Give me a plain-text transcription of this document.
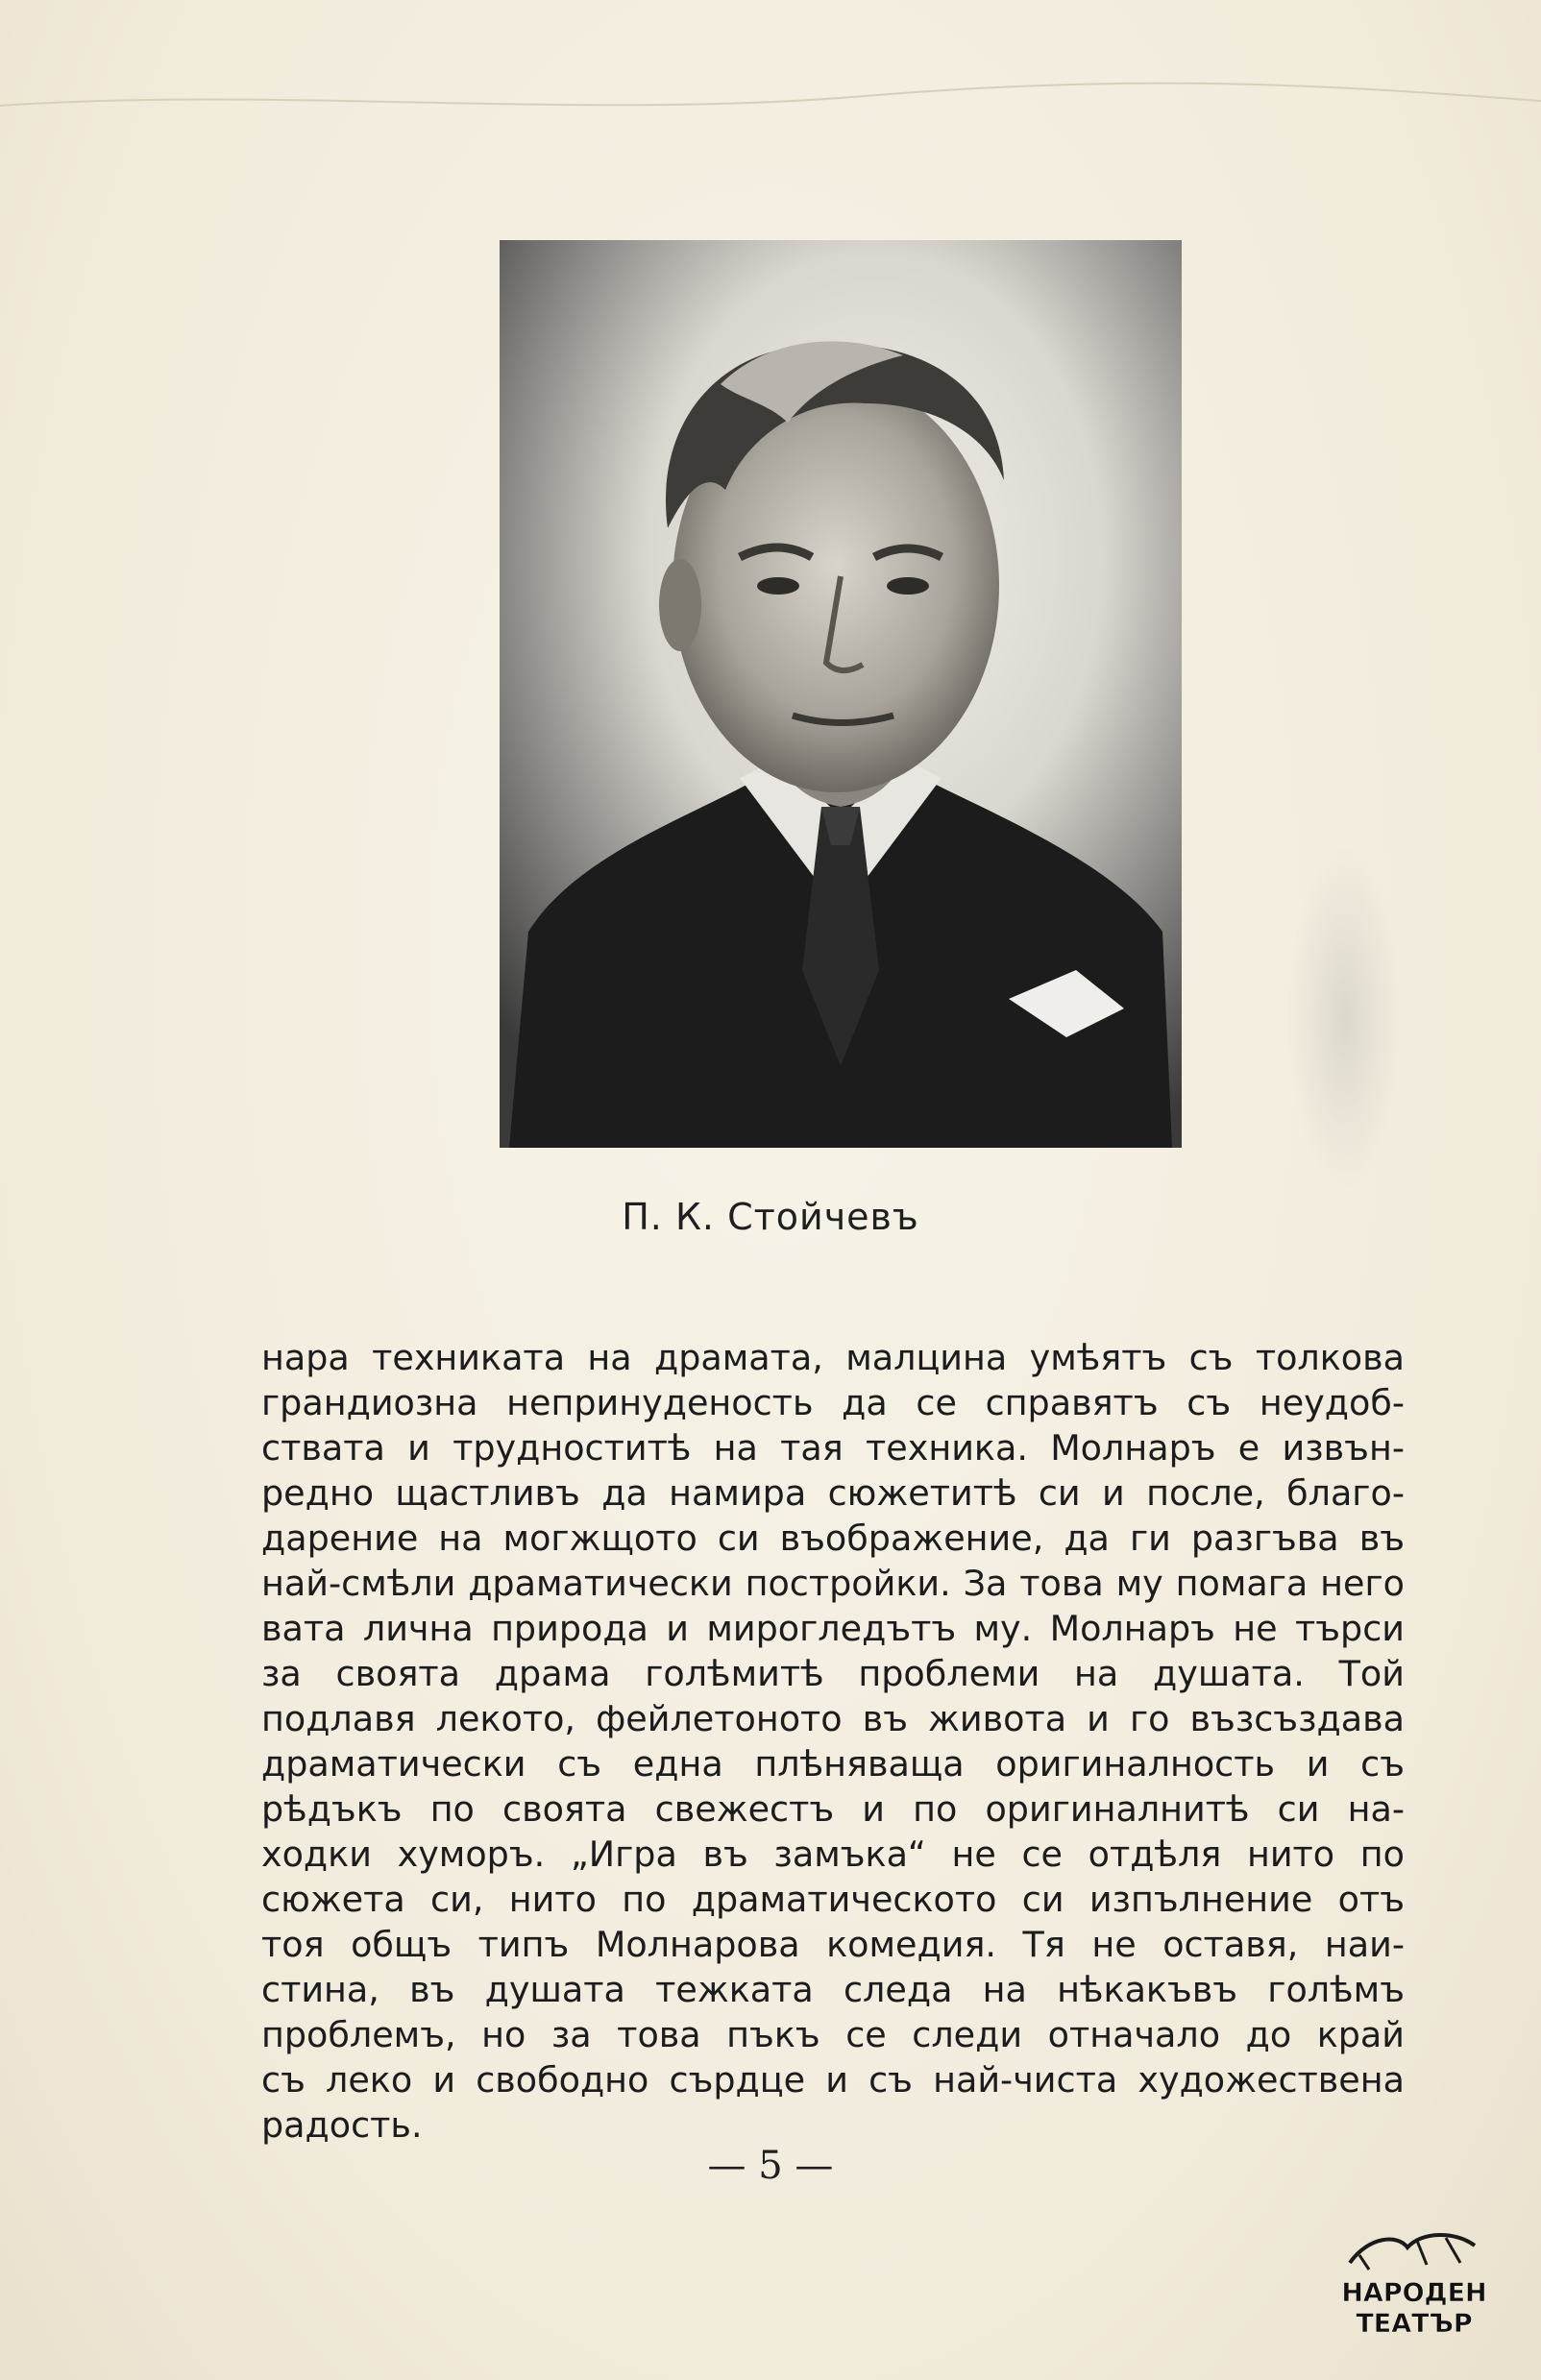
П. К. Стойчевъ
нара техниката на драмата, малцина умѣятъ съ толкова
грандиозна непринуденость да се справятъ съ неудоб-
ствата и трудноститѣ на тая техника. Молнаръ е извън-
редно щастливъ да намира сюжетитѣ си и после, благо-
дарение на могжщото си въображение, да ги разгъва въ
най-смѣли драматически постройки. За това му помага него
вата лична природа и мирогледътъ му. Молнаръ не търси
за своята драма голѣмитѣ проблеми на душата. Той
подлавя лекото, фейлетоното въ живота и го възсъздава
драматически съ една плѣняваща оригиналность и съ
рѣдъкъ по своята свежестъ и по оригиналнитѣ си на-
ходки хуморъ. „Игра въ замъка“ не се отдѣля нито по
сюжета си, нито по драматическото си изпълнение отъ
тоя общъ типъ Молнарова комедия. Тя не оставя, наи-
стина, въ душата тежката следа на нѣкакъвъ голѣмъ
проблемъ, но за това пъкъ се следи отначало до край
съ леко и свободно сърдце и съ най-чиста художествена
радость.
— 5 —
НАРОДЕН
ТЕАТЪР
